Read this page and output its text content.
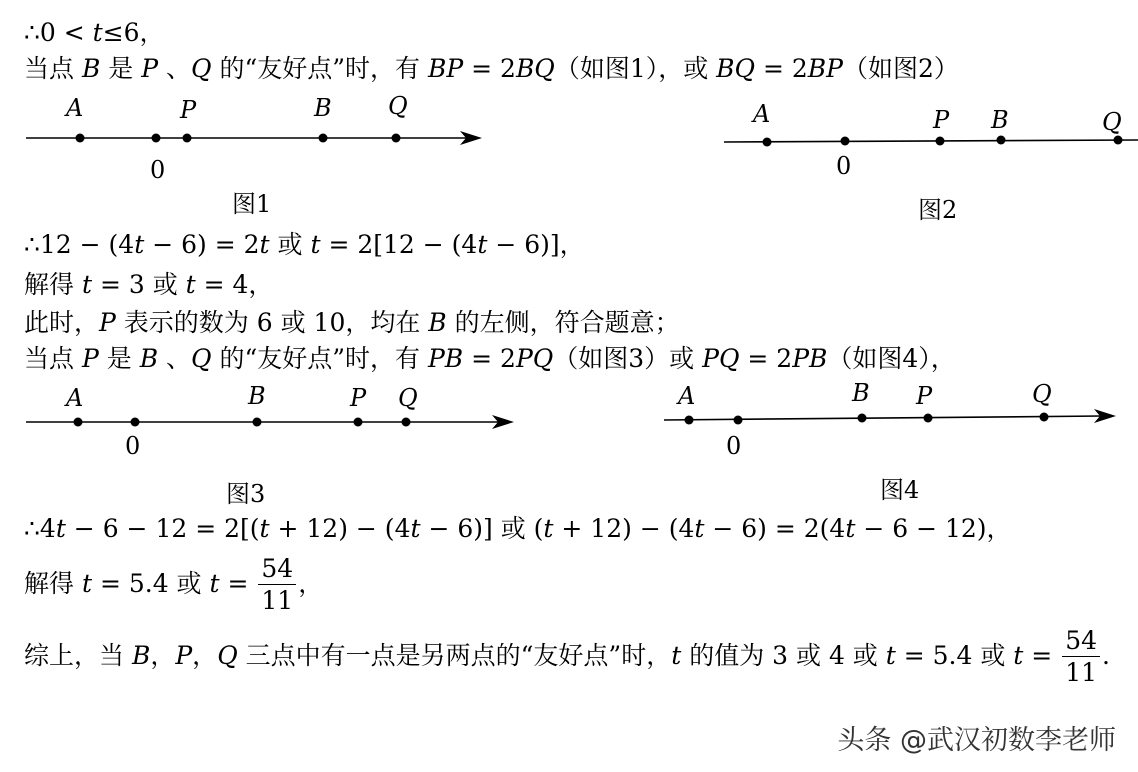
∴0 < t≤6，
当点 B 是 P 、Q 的“友好点”时，有 BP = 2BQ（如图1），或 BQ = 2BP（如图2）
A	P	B Q
0
图1
A	P B	Q
0
图2
∴12 − (4t − 6) = 2t 或 t = 2[12 − (4t − 6)]，
解得 t = 3 或 t = 4，
此时，P 表示的数为 6 或 10，均在 B 的左侧，符合题意；
当点 P 是 B 、Q 的“友好点”时，有 PB = 2PQ（如图3）或 PQ = 2PB（如图4），
A	B	P Q
0
图3
A	B P	Q
0
图4
∴4t − 6 − 12 = 2[(t + 12) − (4t − 6)] 或 (t + 12) − (4t − 6) = 2(4t − 6 − 12)，
解得 t = 5.4 或 $t = \frac{54}{11}$ ，
综上，当 B，P，Q 三点中有一点是另两点的“友好点”时，t 的值为 3 或 4 或 t = 5.4 或 $t = \frac{54}{11}$ .
头条 @武汉初数李老师
